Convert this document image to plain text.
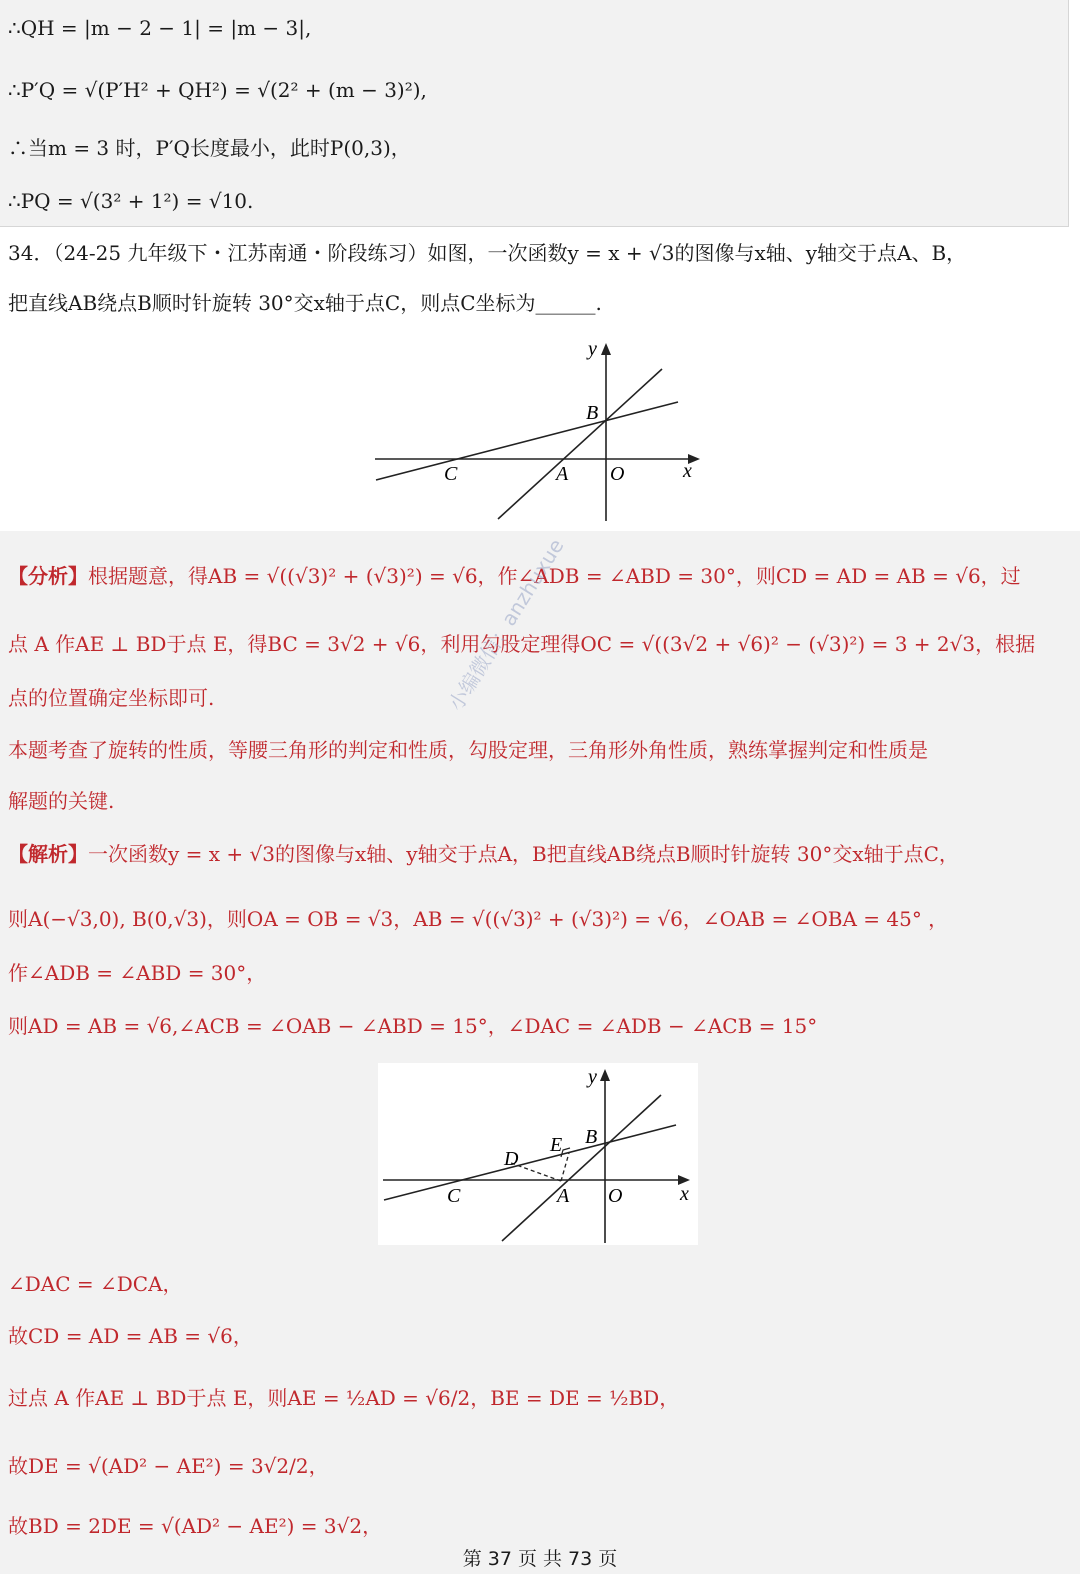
∴QH = |m − 2 − 1| = |m − 3|,
∴P′Q = √(P′H² + QH²) = √(2² + (m − 3)²),
∴当m = 3 时，P′Q长度最小，此时P(0,3)，
∴PQ = √(3² + 1²) = √10.
34．（24-25 九年级下・江苏南通・阶段练习）如图，一次函数y = x + √3的图像与x轴、y轴交于点A、B，
把直线AB绕点B顺时针旋转 30°交x轴于点C，则点C坐标为______.
y
x
B
C	A O
【分析】根据题意，得AB = √((√3)² + (√3)²) = √6，作∠ADB = ∠ABD = 30°，则CD = AD = AB = √6，过
点 A 作AE ⊥ BD于点 E，得BC = 3√2 + √6，利用勾股定理得OC = √((3√2 + √6)² − (√3)²) = 3 + 2√3，根据
点的位置确定坐标即可.
本题考查了旋转的性质，等腰三角形的判定和性质，勾股定理，三角形外角性质，熟练掌握判定和性质是
解题的关键.
【解析】一次函数y = x + √3的图像与x轴、y轴交于点A，B把直线AB绕点B顺时针旋转 30°交x轴于点C，
则A(−√3,0), B(0,√3)，则OA = OB = √3，AB = √((√3)² + (√3)²) = √6，∠OAB = ∠OBA = 45° ，
作∠ADB = ∠ABD = 30°，
则AD = AB = √6,∠ACB = ∠OAB − ∠ABD = 15°，∠DAC = ∠ADB − ∠ACB = 15°
y
x
B
C	A O
D
E
∠DAC = ∠DCA，
故CD = AD = AB = √6，
过点 A 作AE ⊥ BD于点 E，则AE = ½AD = √6/2，BE = DE = ½BD，
故DE = √(AD² − AE²) = 3√2/2，
故BD = 2DE = √(AD² − AE²) = 3√2，
小编微信：anzhuxue
第 37 页 共 73 页
